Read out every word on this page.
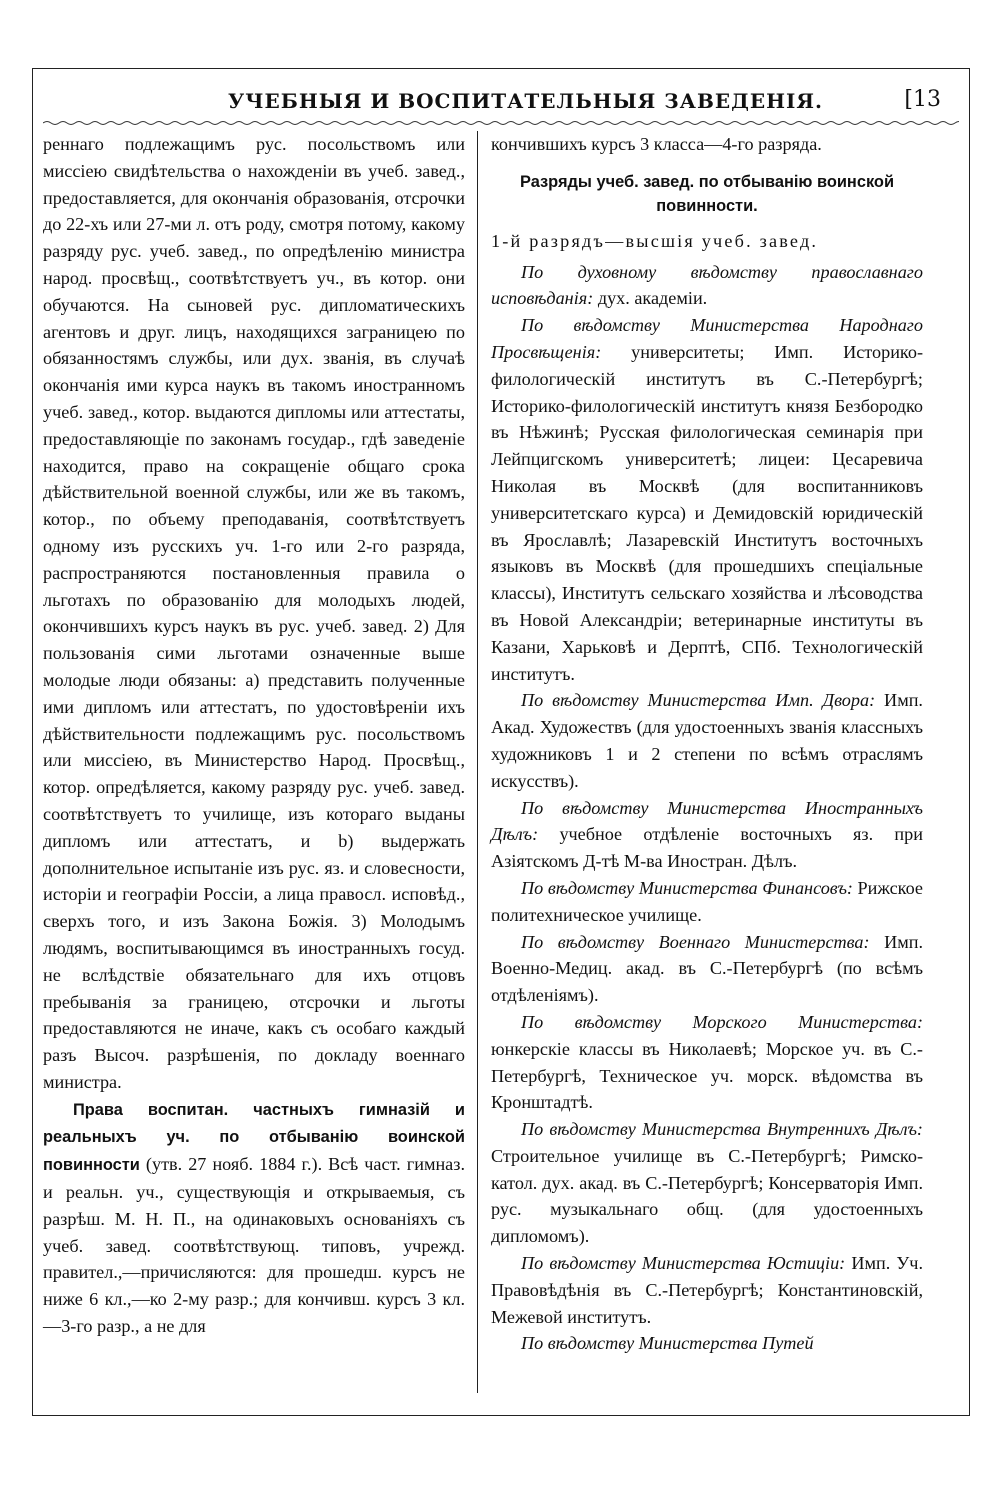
УЧЕБНЫЯ И ВОСПИТАТЕЛЬНЫЯ ЗАВЕДЕНІЯ.	[13

реннаго подлежащимъ рус. посольствомъ или миссіею свидѣтельства о нахожденіи въ учеб. завед., предоставляется, для окончанія образованія, отсрочки до 22-хъ или 27-ми л. отъ роду, смотря потому, какому разряду рус. учеб. завед., по опредѣленію министра народ. просвѣщ., соотвѣтствуетъ уч., въ котор. они обучаются. На сыновей рус. дипломатическихъ агентовъ и друг. лицъ, находящихся заграницею по обязанностямъ службы, или дух. званія, въ случаѣ окончанія ими курса наукъ въ такомъ иностранномъ учеб. завед., котор. выдаются дипломы или аттестаты, предоставляющіе по законамъ государ., гдѣ заведеніе находится, право на сокращеніе общаго срока дѣйствительной военной службы, или же въ такомъ, котор., по объему преподаванія, соотвѣтствуетъ одному изъ русскихъ уч. 1-го или 2-го разряда, распространяются постановленныя правила о льготахъ по образованію для молодыхъ людей, окончившихъ курсъ наукъ въ рус. учеб. завед. 2) Для пользованія сими льготами означенные выше молодые люди обязаны: a) представить полученные ими дипломъ или аттестатъ, по удостовѣреніи ихъ дѣйствительности подлежащимъ рус. посольствомъ или миссіею, въ Министерство Народ. Просвѣщ., котор. опредѣляется, какому разряду рус. учеб. завед. соотвѣтствуетъ то училище, изъ котораго выданы дипломъ или аттестатъ, и b) выдержать дополнительное испытаніе изъ рус. яз. и словесности, исторіи и географіи Россіи, а лица правосл. исповѣд., сверхъ того, и изъ Закона Божія. 3) Молодымъ людямъ, воспитывающимся въ иностранныхъ госуд. не вслѣдствіе обязательнаго для ихъ отцовъ пребыванія за границею, отсрочки и льготы предоставляются не иначе, какъ съ особаго каждый разъ Высоч. разрѣшенія, по докладу военнаго министра.

Права воспитан. частныхъ гимназій и реальныхъ уч. по отбыванію воинской повинности (утв. 27 нояб. 1884 г.). Всѣ част. гимназ. и реальн. уч., существующія и открываемыя, съ разрѣш. М. Н. П., на одинаковыхъ основаніяхъ съ учеб. завед. соотвѣтствующ. типовъ, учрежд. правител.,—причисляются: для прошедш. курсъ не ниже 6 кл.,—ко 2-му разр.; для кончивш. курсъ 3 кл.—3-го разр., а не для

кончившихъ курсъ 3 класса—4-го разряда.

Разряды учеб. завед. по отбыванію воинской повинности.

1-й разрядъ—высшія учеб. завед.

По духовному вѣдомству православнаго исповѣданія: дух. академіи.

По вѣдомству Министерства Народнаго Просвѣщенія: университеты; Имп. Историко-филологическій институтъ въ С.-Петербургѣ; Историко-филологическій институтъ князя Безбородко въ Нѣжинѣ; Русская филологическая семинарія при Лейпцигскомъ университетѣ; лицеи: Цесаревича Николая въ Москвѣ (для воспитанниковъ университетскаго курса) и Демидовскій юридическій въ Ярославлѣ; Лазаревскій Институтъ восточныхъ языковъ въ Москвѣ (для прошедшихъ спеціальные классы), Институтъ сельскаго хозяйства и лѣсоводства въ Новой Александріи; ветеринарные институты въ Казани, Харьковѣ и Дерптѣ, СПб. Технологическій институтъ.

По вѣдомству Министерства Имп. Двора: Имп. Акад. Художествъ (для удостоенныхъ званія классныхъ художниковъ 1 и 2 степени по всѣмъ отраслямъ искусствъ).

По вѣдомству Министерства Иностранныхъ Дѣлъ: учебное отдѣленіе восточныхъ яз. при Азіятскомъ Д-тѣ М-ва Иностран. Дѣлъ.

По вѣдомству Министерства Финансовъ: Рижское политехническое училище.

По вѣдомству Военнаго Министерства: Имп. Военно-Медиц. акад. въ С.-Петербургѣ (по всѣмъ отдѣленіямъ).

По вѣдомству Морского Министерства: юнкерскіе классы въ Николаевѣ; Морское уч. въ С.-Петербургѣ, Техническое уч. морск. вѣдомства въ Кронштадтѣ.

По вѣдомству Министерства Внутреннихъ Дѣлъ: Строительное училище въ С.-Петербургѣ; Римско-катол. дух. акад. въ С.-Петербургѣ; Консерваторія Имп. рус. музыкальнаго общ. (для удостоенныхъ дипломомъ).

По вѣдомству Министерства Юстиціи: Имп. Уч. Правовѣдѣнія въ С.-Петербургѣ; Константиновскій, Межевой институтъ.

По вѣдомству Министерства Путей
